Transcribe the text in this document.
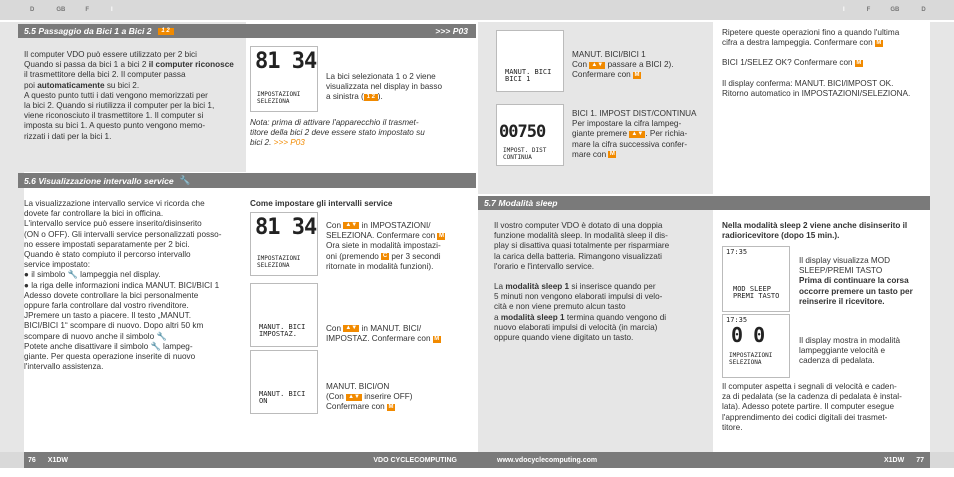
D	GB	F	I	I	F	GB	D
5.5 Passaggio da Bici 1 a Bici 2	1 2	>>> P03

Il computer VDO può essere utilizzato per 2 bici

Quando si passa da bici 1 a bici 2 il computer riconosce

il trasmettitore della bici 2. Il computer passa

poi automaticamente su bici 2.

A questo punto tutti i dati vengono memorizzati per

la bici 2. Quando si riutilizza il computer per la bici 1,

viene riconosciuto il trasmettitore 1. Il computer si

imposta su bici 1. A questo punto vengono memo-

rizzati i dati per la bici 1.

81 34
IMPOSTAZIONI SELEZIONA

La bici selezionata 1 o 2 viene

visualizzata nel display in basso

a sinistra ( 1 2 ).

Nota: prima di attivare l'apparecchio il trasmet-

titore della bici 2 deve essere stato impostato su

bici 2. >>> P03

5.6 Visualizzazione intervallo service 🔧

La visualizzazione intervallo service vi ricorda che

dovete far controllare la bici in officina.

L'intervallo service può essere inserito/disinserito

(ON o OFF). Gli intervalli service personalizzati posso-

no essere impostati separatamente per 2 bici.

Quando è stato compiuto il percorso intervallo

service impostato:

● il simbolo 🔧 lampeggia nel display.

● la riga delle informazioni indica MANUT. BICI/BICI 1

Adesso dovete controllare la bici personalmente

oppure farla controllare dal vostro rivenditore.

JPremere un tasto a piacere. Il testo „MANUT.

BICI/BICI 1“ scompare di nuovo. Dopo altri 50 km

scompare di nuovo anche il simbolo 🔧

Potete anche disattivare il simbolo 🔧 lampeg-

giante. Per questa operazione inserite di nuovo

l'intervallo assistenza.

Come impostare gli intervalli service
81 34
IMPOSTAZIONI SELEZIONA

Con ▲▼ in IMPOSTAZIONI/

SELEZIONA. Confermare con M

Ora siete in modalità impostazi-

oni (premendo C per 3 secondi

ritornate in modalità funzioni).

MANUT. BICI IMPOSTAZ.

Con ▲▼ in MANUT. BICI/

IMPOSTAZ. Confermare con M

MANUT. BICI ON

MANUT. BICI/ON

(Con ▲▼ inserire OFF)

Confermare con M

MANUT. BICI BICI 1

MANUT. BICI/BICI 1

Con ▲▼ passare a BICI 2).

Confermare con M

00750
IMPOST. DIST CONTINUA

BICI 1. IMPOST DIST/CONTINUA

Per impostare la cifra lampeg-

giante premere ▲▼ . Per richia-

mare la cifra successiva confer-

mare con M

Ripetere queste operazioni fino a quando l'ultima

cifra a destra lampeggia. Confermare con M

BICI 1/SELEZ OK? Confermare con M

Il display conferma: MANUT. BICI/IMPOST OK.

Ritorno automatico in IMPOSTAZIONI/SELEZIONA.

5.7 Modalità sleep

Il vostro computer VDO è dotato di una doppia

funzione modalità sleep. In modalità sleep il dis-

play si disattiva quasi totalmente per risparmiare

la carica della batteria. Rimangono visualizzati

l'orario e l'intervallo service.

La modalità sleep 1 si inserisce quando per

5 minuti non vengono elaborati impulsi di velo-

cità e non viene premuto alcun tasto

a modalità sleep 1 termina quando vengono di

nuovo elaborati impulsi di velocità (in marcia)

oppure quando viene digitato un tasto.

Nella modalità sleep 2 viene anche disinserito il

radioricevitore (dopo 15 min.).

17:35
MOD SLEEP PREMI TASTO

Il display visualizza MOD

SLEEP/PREMI TASTO

Prima di continuare la corsa

occorre premere un tasto per

reinserire il ricevitore.

17:35
0 0
IMPOSTAZIONI SELEZIONA

Il display mostra in modalità

lampeggiante velocità e

cadenza di pedalata.

Il computer aspetta i segnali di velocità e caden-

za di pedalata (se la cadenza di pedalata è instal-

lata). Adesso potete partire. Il computer esegue

l'apprendimento dei codici digitali dei trasmet-

titore.

76 X1DW	VDO CYCLECOMPUTING	www.vdocyclecomputing.com	X1DW 77
